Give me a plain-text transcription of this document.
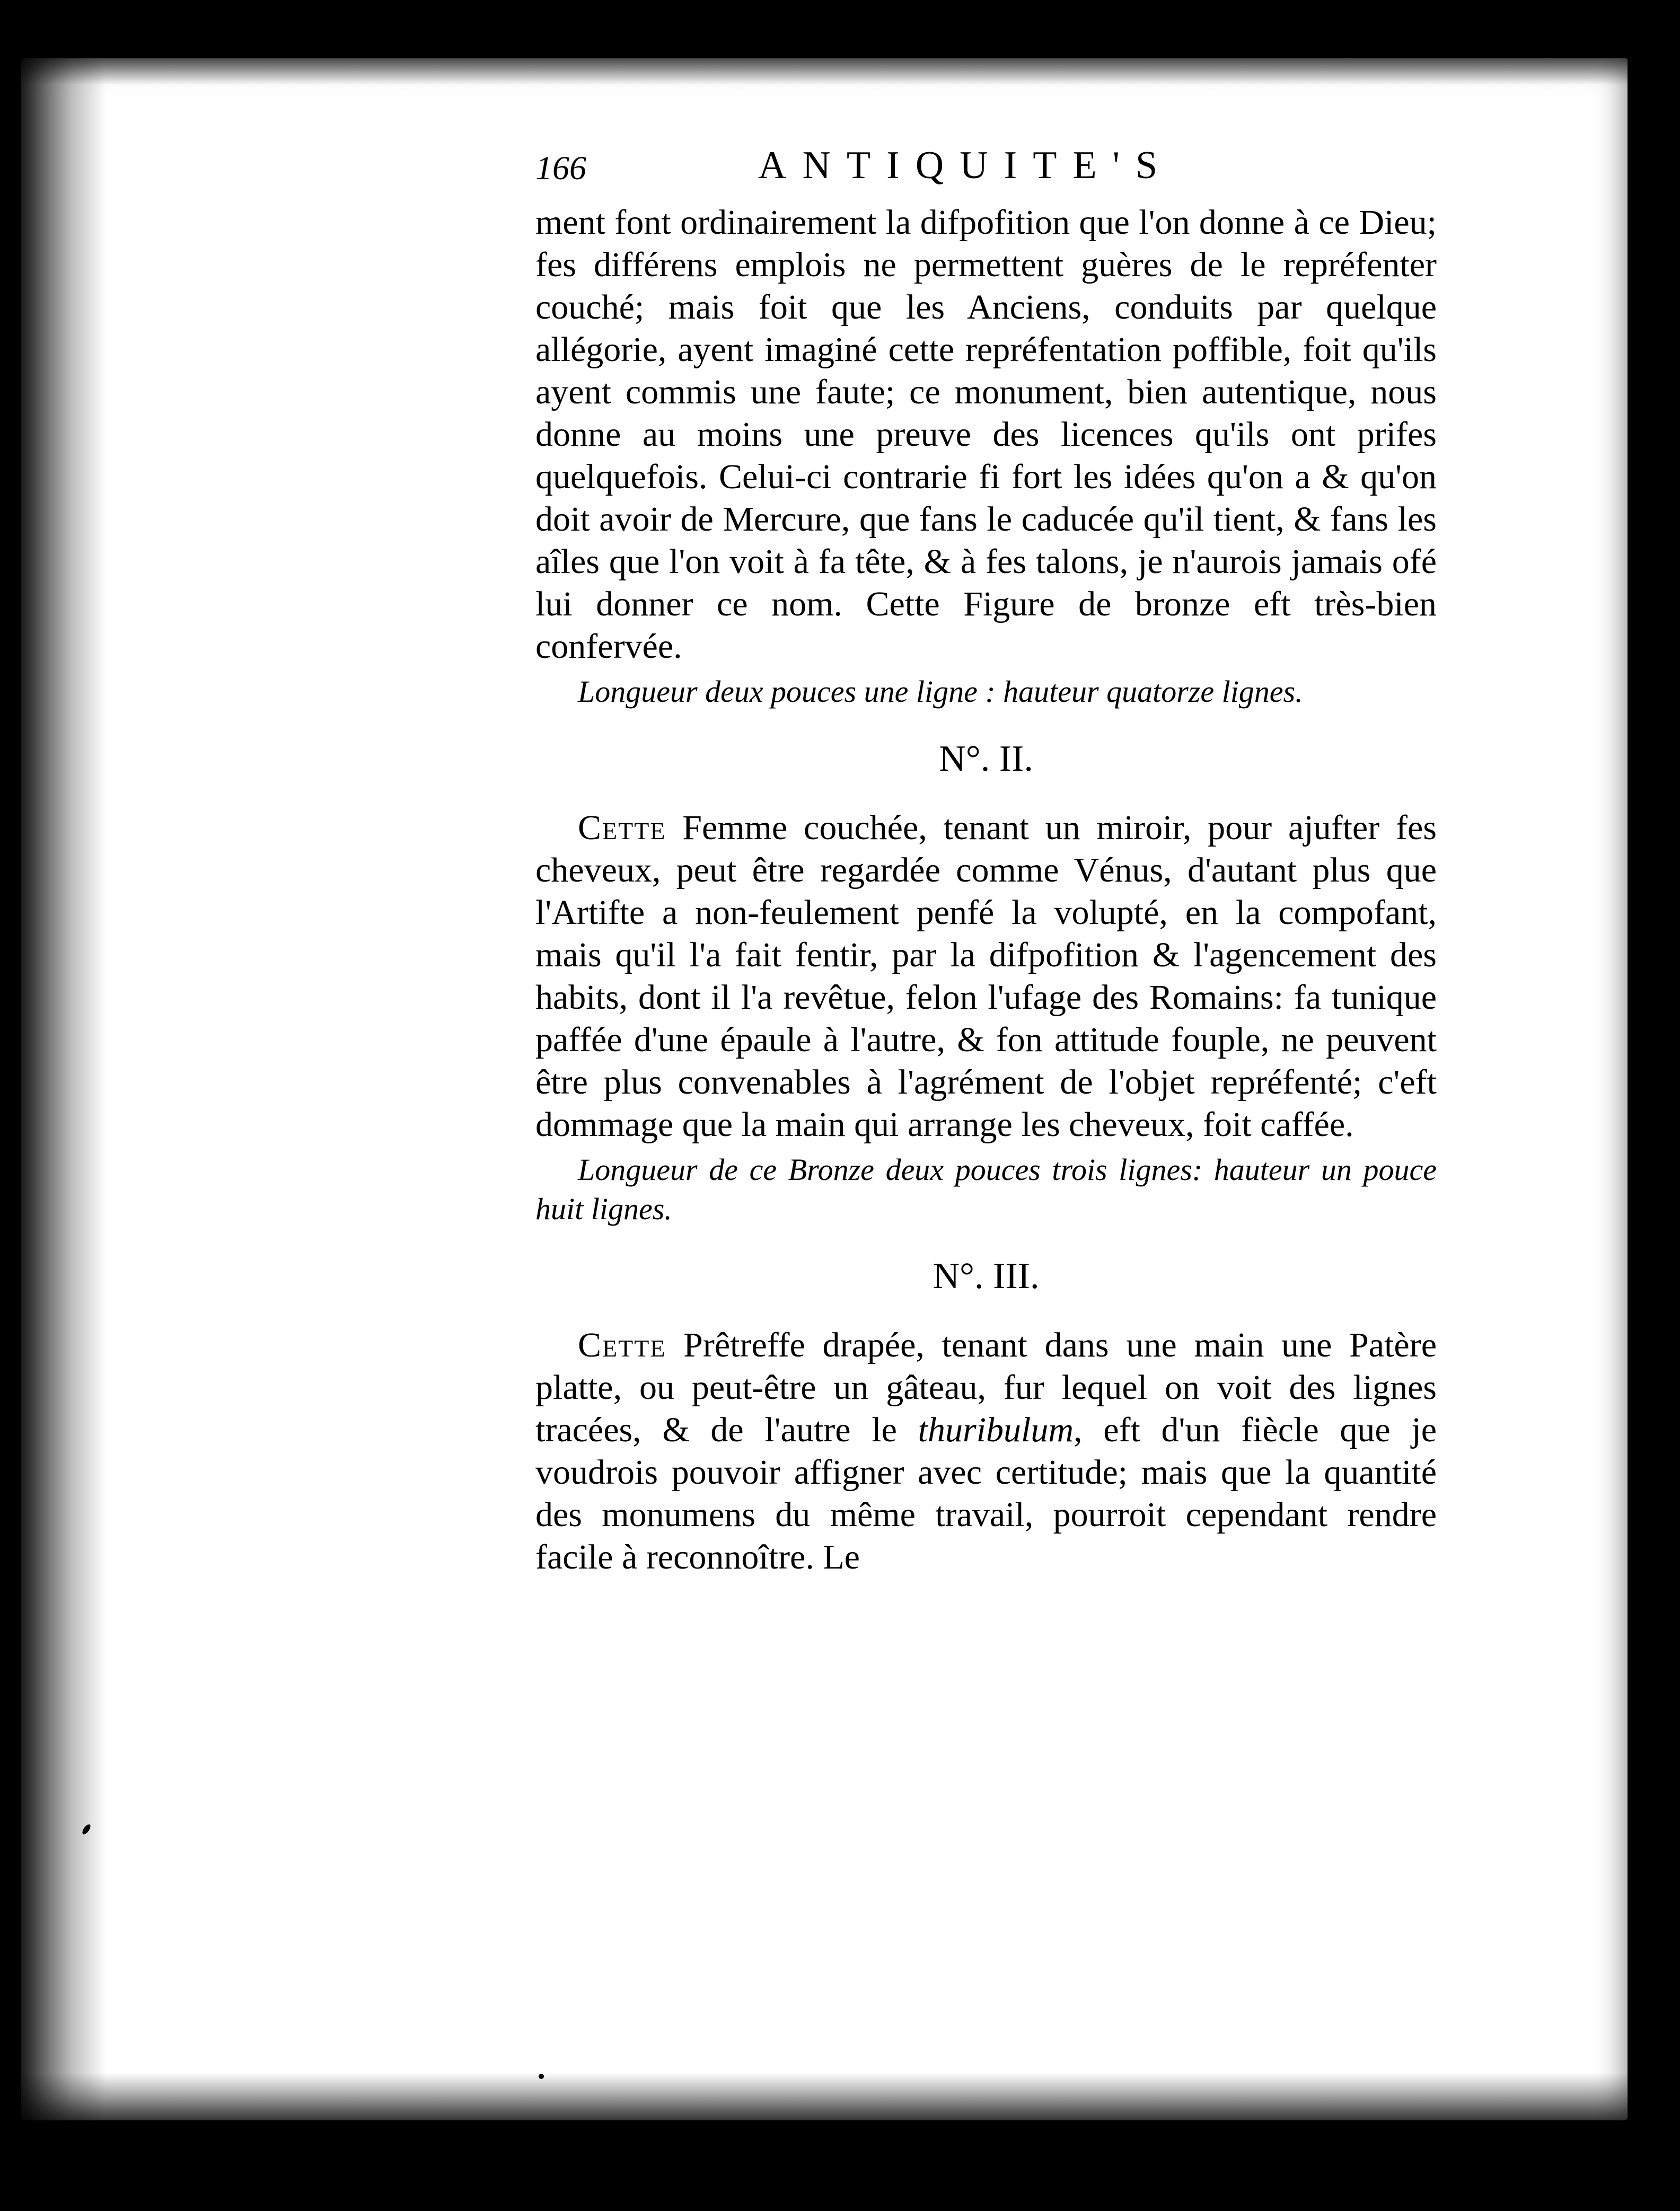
166	ANTIQUITE'S

ment font ordinairement la difpofition que l'on donne à ce Dieu; fes différens emplois ne permettent guères de le repréfenter couché; mais foit que les Anciens, conduits par quelque allégorie, ayent imaginé cette repréfentation poffible, foit qu'ils ayent commis une faute; ce monument, bien autentique, nous donne au moins une preuve des licences qu'ils ont prifes quelquefois. Celui-ci contrarie fi fort les idées qu'on a & qu'on doit avoir de Mercure, que fans le caducée qu'il tient, & fans les aîles que l'on voit à fa tête, & à fes talons, je n'aurois jamais ofé lui donner ce nom. Cette Figure de bronze eft très-bien confervée.

Longueur deux pouces une ligne : hauteur quatorze lignes.

N°. II.

Cette Femme couchée, tenant un miroir, pour ajufter fes cheveux, peut être regardée comme Vénus, d'autant plus que l'Artifte a non-feulement penfé la volupté, en la compofant, mais qu'il l'a fait fentir, par la difpofition & l'agencement des habits, dont il l'a revêtue, felon l'ufage des Romains: fa tunique paffée d'une épaule à l'autre, & fon attitude fouple, ne peuvent être plus convenables à l'agrément de l'objet repréfenté; c'eft dommage que la main qui arrange les cheveux, foit caffée.

Longueur de ce Bronze deux pouces trois lignes: hauteur un pouce huit lignes.

N°. III.

Cette Prêtreffe drapée, tenant dans une main une Patère platte, ou peut-être un gâteau, fur lequel on voit des lignes tracées, & de l'autre le thuribulum, eft d'un fiècle que je voudrois pouvoir affigner avec certitude; mais que la quantité des monumens du même travail, pourroit cependant rendre facile à reconnoître. Le
